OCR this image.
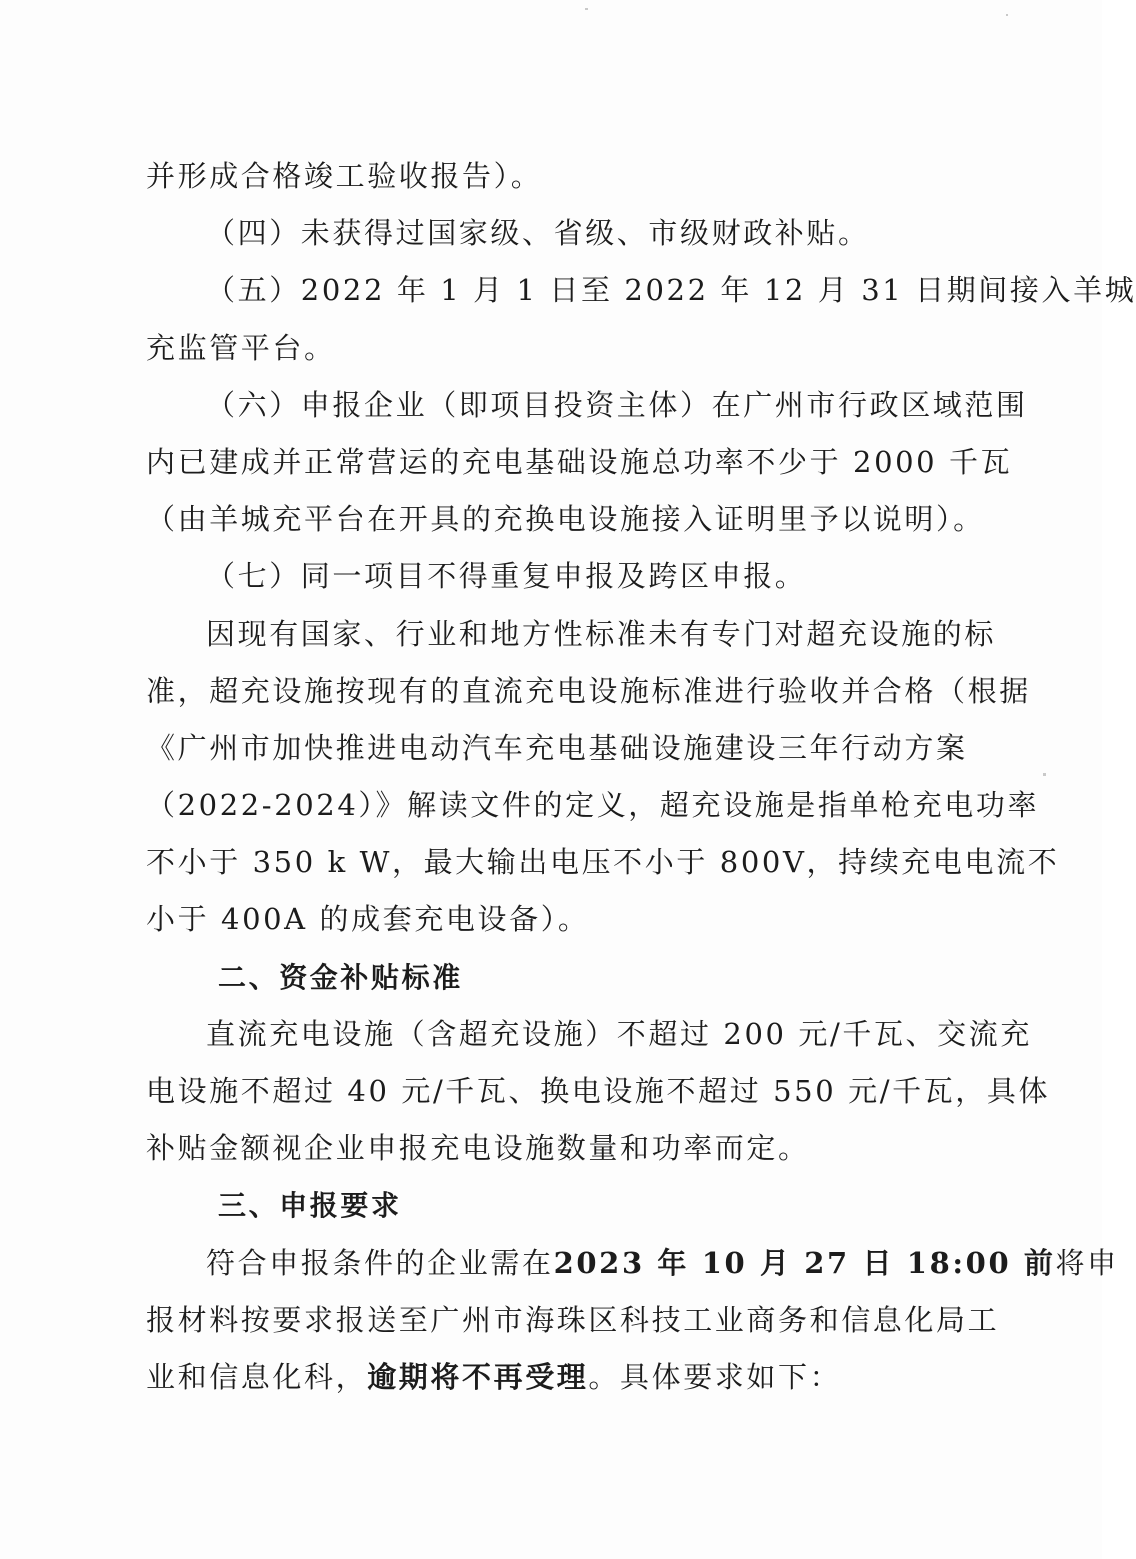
并形成合格竣工验收报告）。
（四）未获得过国家级、省级、市级财政补贴。
（五）2022 年 1 月 1 日至 2022 年 12 月 31 日期间接入羊城
充监管平台。
（六）申报企业（即项目投资主体）在广州市行政区域范围
内已建成并正常营运的充电基础设施总功率不少于 2000 千瓦
（由羊城充平台在开具的充换电设施接入证明里予以说明）。
（七）同一项目不得重复申报及跨区申报。
因现有国家、行业和地方性标准未有专门对超充设施的标
准，超充设施按现有的直流充电设施标准进行验收并合格（根据
《广州市加快推进电动汽车充电基础设施建设三年行动方案
（2022-2024）》解读文件的定义，超充设施是指单枪充电功率
不小于 350 k W，最大输出电压不小于 800V，持续充电电流不
小于 400A 的成套充电设备）。
二、资金补贴标准
直流充电设施（含超充设施）不超过 200 元/千瓦、交流充
电设施不超过 40 元/千瓦、换电设施不超过 550 元/千瓦，具体
补贴金额视企业申报充电设施数量和功率而定。
三、申报要求
符合申报条件的企业需在2023 年 10 月 27 日 18:00 前将申
报材料按要求报送至广州市海珠区科技工业商务和信息化局工
业和信息化科，逾期将不再受理。具体要求如下：
